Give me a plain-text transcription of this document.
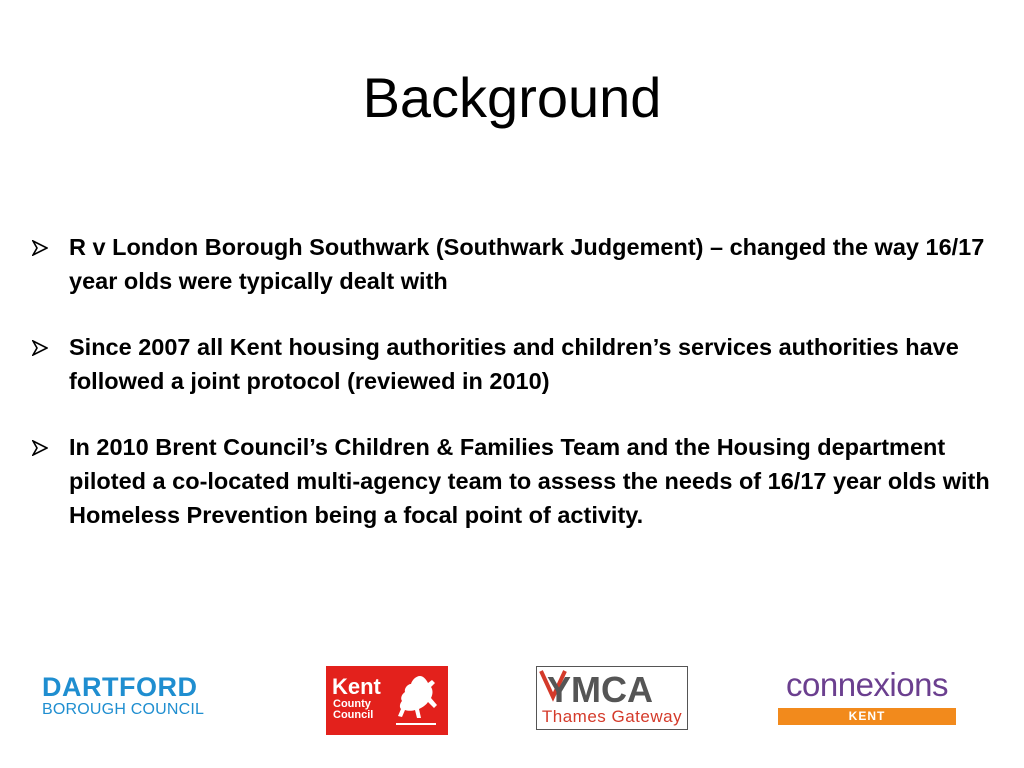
Background
R v London Borough Southwark (Southwark Judgement) – changed the way 16/17 year olds were typically dealt with
Since 2007 all Kent housing authorities and children’s services authorities have followed a joint protocol (reviewed in 2010)
In 2010 Brent Council’s Children & Families Team and the Housing department piloted a co-located multi-agency team to assess the needs of 16/17 year olds with Homeless Prevention being a focal point of activity.
DARTFORD
BOROUGH COUNCIL
Kent
County
Council
YMCA
Thames Gateway
connexions
KENT
